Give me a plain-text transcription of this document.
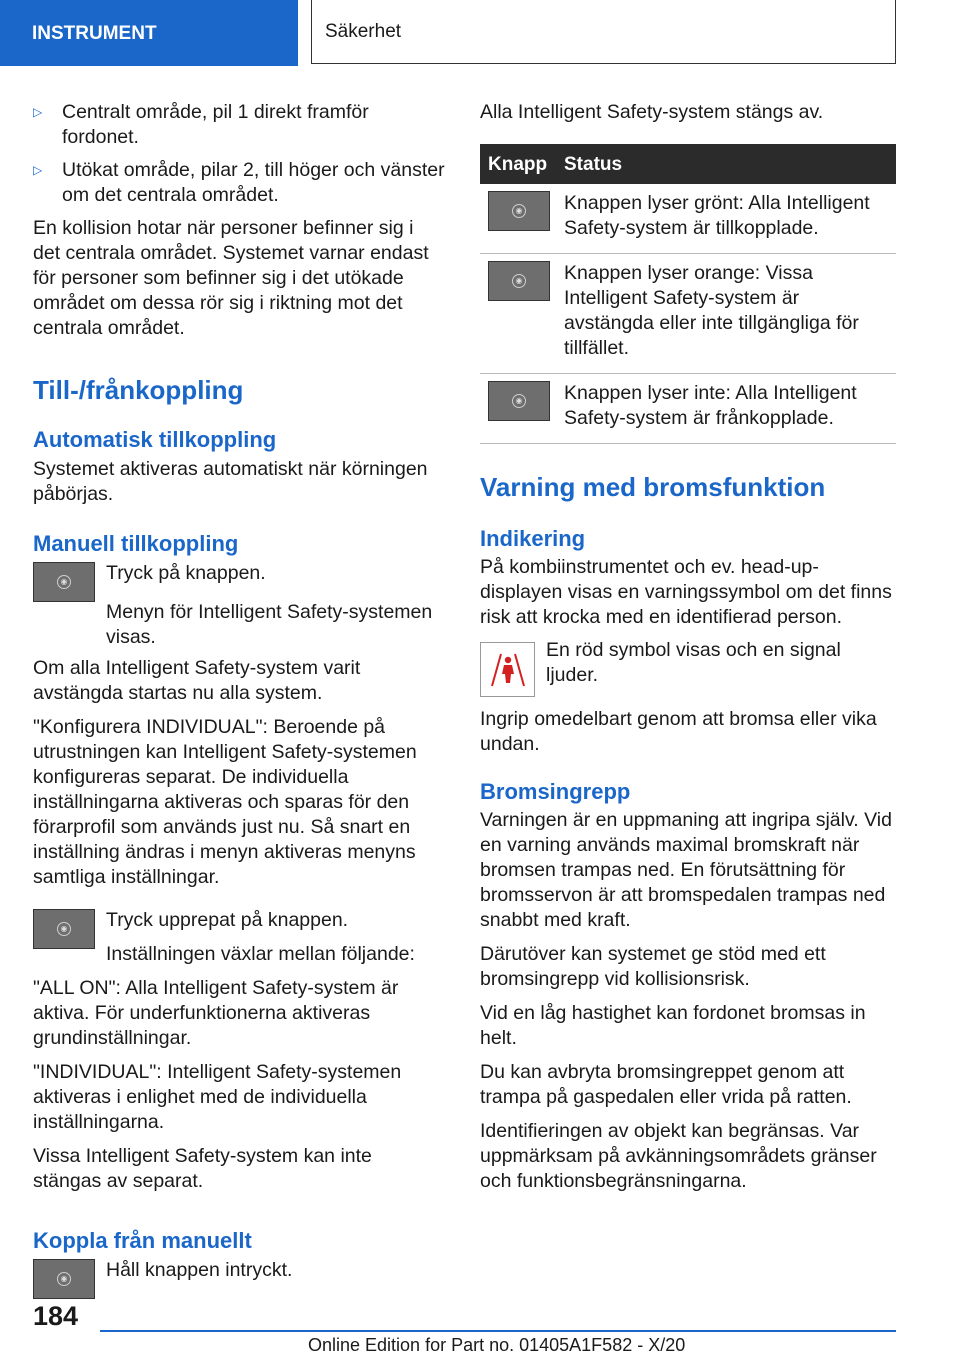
INSTRUMENT	Säkerhet
▷	Centralt område, pil 1 direkt framför fordonet.
▷	Utökat område, pilar 2, till höger och vänster om det centrala området.

En kollision hotar när personer befinner sig i det centrala området. Systemet varnar endast för personer som befinner sig i det utökade området om dessa rör sig i riktning mot det centrala området.

Till-/frånkoppling
Automatisk tillkoppling

Systemet aktiveras automatiskt när körningen påbörjas.

Manuell tillkoppling
◉ Tryck på knappen.

Menyn för Intelligent Safety-systemen visas.

Om alla Intelligent Safety-system varit avstängda startas nu alla system.

"Konfigurera INDIVIDUAL": Beroende på utrustningen kan Intelligent Safety-systemen konfigureras separat. De individuella inställningarna aktiveras och sparas för den förarprofil som används just nu. Så snart en inställning ändras i menyn aktiveras menyns samtliga inställningar.

◉ Tryck upprepat på knappen.

Inställningen växlar mellan följande:

"ALL ON": Alla Intelligent Safety-system är aktiva. För underfunktionerna aktiveras grundinställningar.

"INDIVIDUAL": Intelligent Safety-systemen aktiveras i enlighet med de individuella inställningarna.

Vissa Intelligent Safety-system kan inte stängas av separat.

Koppla från manuellt
◉ Håll knappen intryckt.

Alla Intelligent Safety-system stängs av.

Knapp	Status

◉	Knappen lyser grönt: Alla Intelligent Safety-system är tillkopplade.

◉	Knappen lyser orange: Vissa Intelligent Safety-system är avstängda eller inte tillgängliga för tillfället.

◉	Knappen lyser inte: Alla Intelligent Safety-system är frånkopplade.
Varning med bromsfunktion
Indikering

På kombiinstrumentet och ev. head-up-displayen visas en varningssymbol om det finns risk att krocka med en identifierad person.

En röd symbol visas och en signal ljuder.

Ingrip omedelbart genom att bromsa eller vika undan.

Bromsingrepp

Varningen är en uppmaning att ingripa själv. Vid en varning används maximal bromskraft när bromsen trampas ned. En förutsättning för bromsservon är att bromspedalen trampas ned snabbt med kraft.

Därutöver kan systemet ge stöd med ett bromsingrepp vid kollisionsrisk.

Vid en låg hastighet kan fordonet bromsas in helt.

Du kan avbryta bromsingreppet genom att trampa på gaspedalen eller vrida på ratten.

Identifieringen av objekt kan begränsas. Var uppmärksam på avkänningsområdets gränser och funktionsbegränsningarna.

184
Online Edition for Part no. 01405A1F582 - X/20
